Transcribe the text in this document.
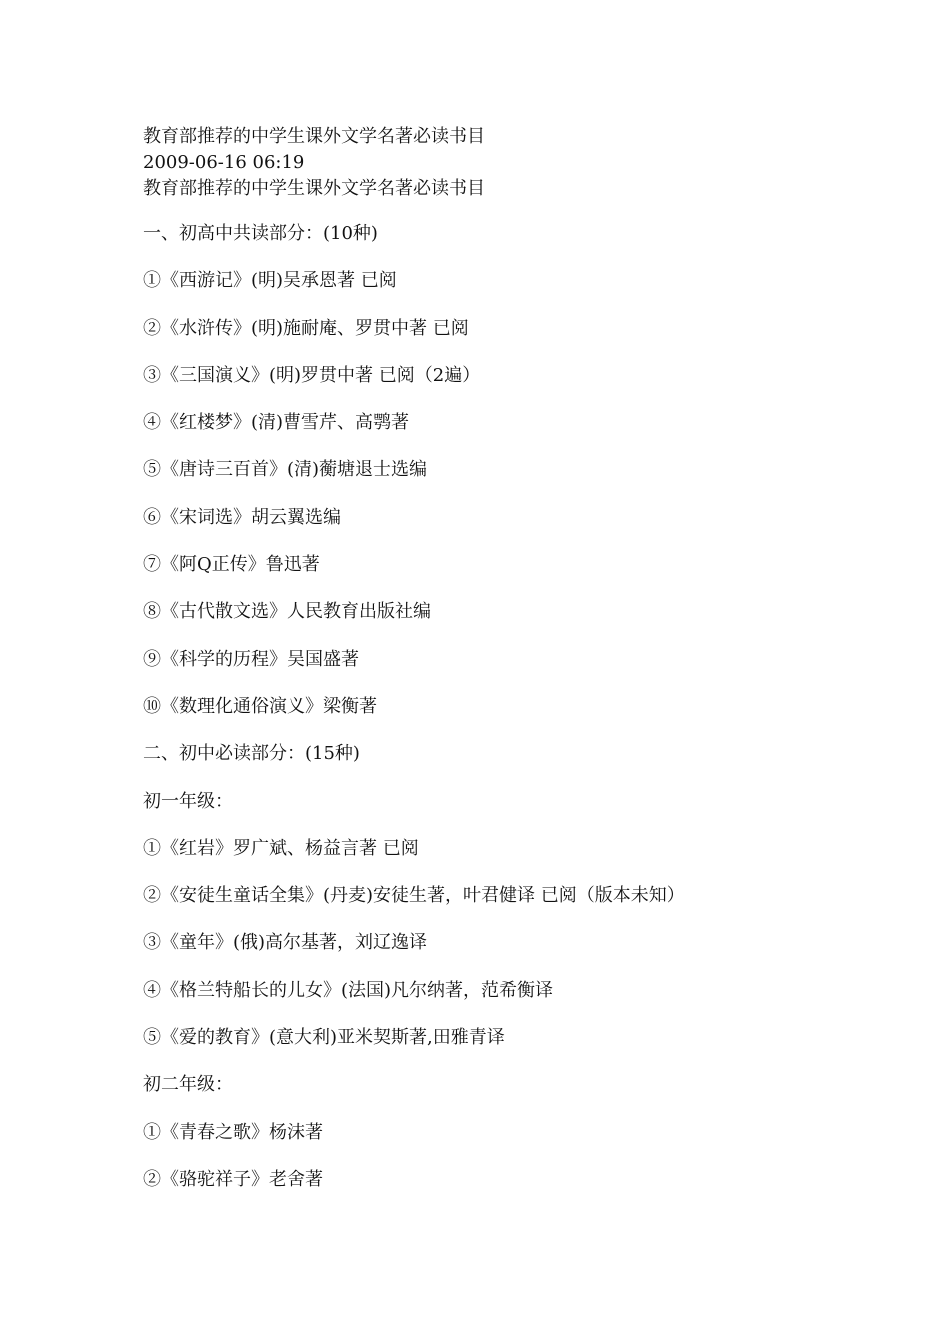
教育部推荐的中学生课外文学名著必读书目
2009-06-16 06:19
教育部推荐的中学生课外文学名著必读书目
一、初高中共读部分：(10种)
①《西游记》(明)吴承恩著 已阅
②《水浒传》(明)施耐庵、罗贯中著 已阅
③《三国演义》(明)罗贯中著 已阅（2遍）
④《红楼梦》(清)曹雪芹、高鹗著
⑤《唐诗三百首》(清)蘅塘退士选编
⑥《宋词选》胡云翼选编
⑦《阿Q正传》鲁迅著
⑧《古代散文选》人民教育出版社编
⑨《科学的历程》吴国盛著
⑩《数理化通俗演义》梁衡著
二、初中必读部分：(15种)
初一年级：
①《红岩》罗广斌、杨益言著 已阅
②《安徒生童话全集》(丹麦)安徒生著，叶君健译 已阅（版本未知）
③《童年》(俄)高尔基著，刘辽逸译
④《格兰特船长的儿女》(法国)凡尔纳著，范希衡译
⑤《爱的教育》(意大利)亚米契斯著,田雅青译
初二年级：
①《青春之歌》杨沫著
②《骆驼祥子》老舍著
